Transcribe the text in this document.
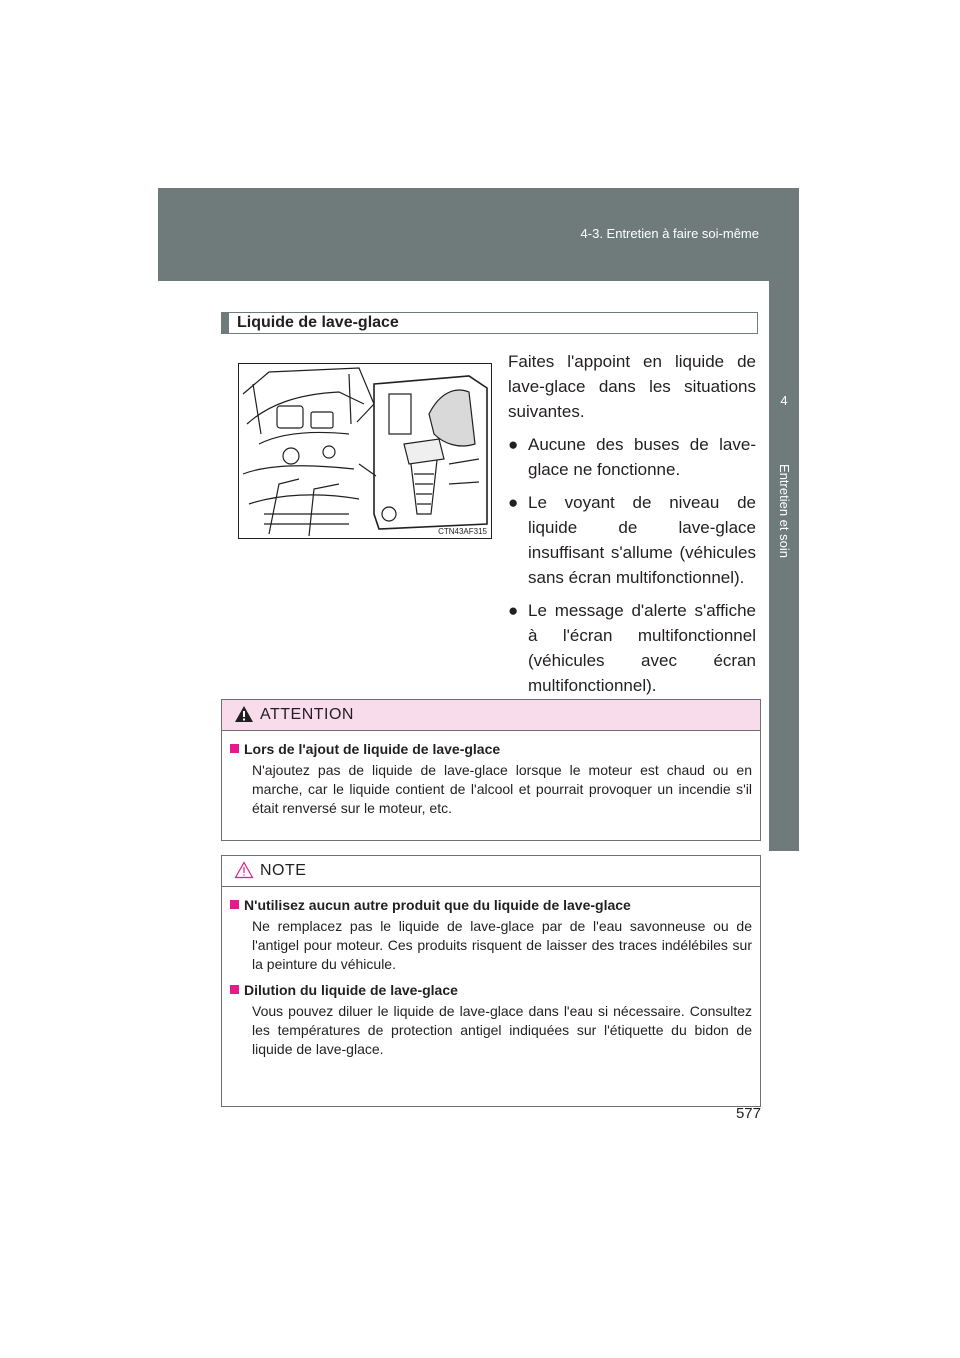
4-3. Entretien à faire soi-même
4
Entretien et soin
Liquide de lave-glace
CTN43AF315

Faites l'appoint en liquide de lave-glace dans les situations suivantes.

● Aucune des buses de lave-glace ne fonctionne.
● Le voyant de niveau de liquide de lave-glace insuffisant s'allume (véhicules sans écran multifonctionnel).
● Le message d'alerte s'affiche à l'écran multifonctionnel (véhicules avec écran multifonctionnel).
ATTENTION
Lors de l'ajout de liquide de lave-glace
N'ajoutez pas de liquide de lave-glace lorsque le moteur est chaud ou en marche, car le liquide contient de l'alcool et pourrait provoquer un incendie s'il était renversé sur le moteur, etc.
NOTE
N'utilisez aucun autre produit que du liquide de lave-glace
Ne remplacez pas le liquide de lave-glace par de l'eau savonneuse ou de l'antigel pour moteur. Ces produits risquent de laisser des traces indélébiles sur la peinture du véhicule.
Dilution du liquide de lave-glace
Vous pouvez diluer le liquide de lave-glace dans l'eau si nécessaire. Consultez les températures de protection antigel indiquées sur l'étiquette du bidon de liquide de lave-glace.
577
